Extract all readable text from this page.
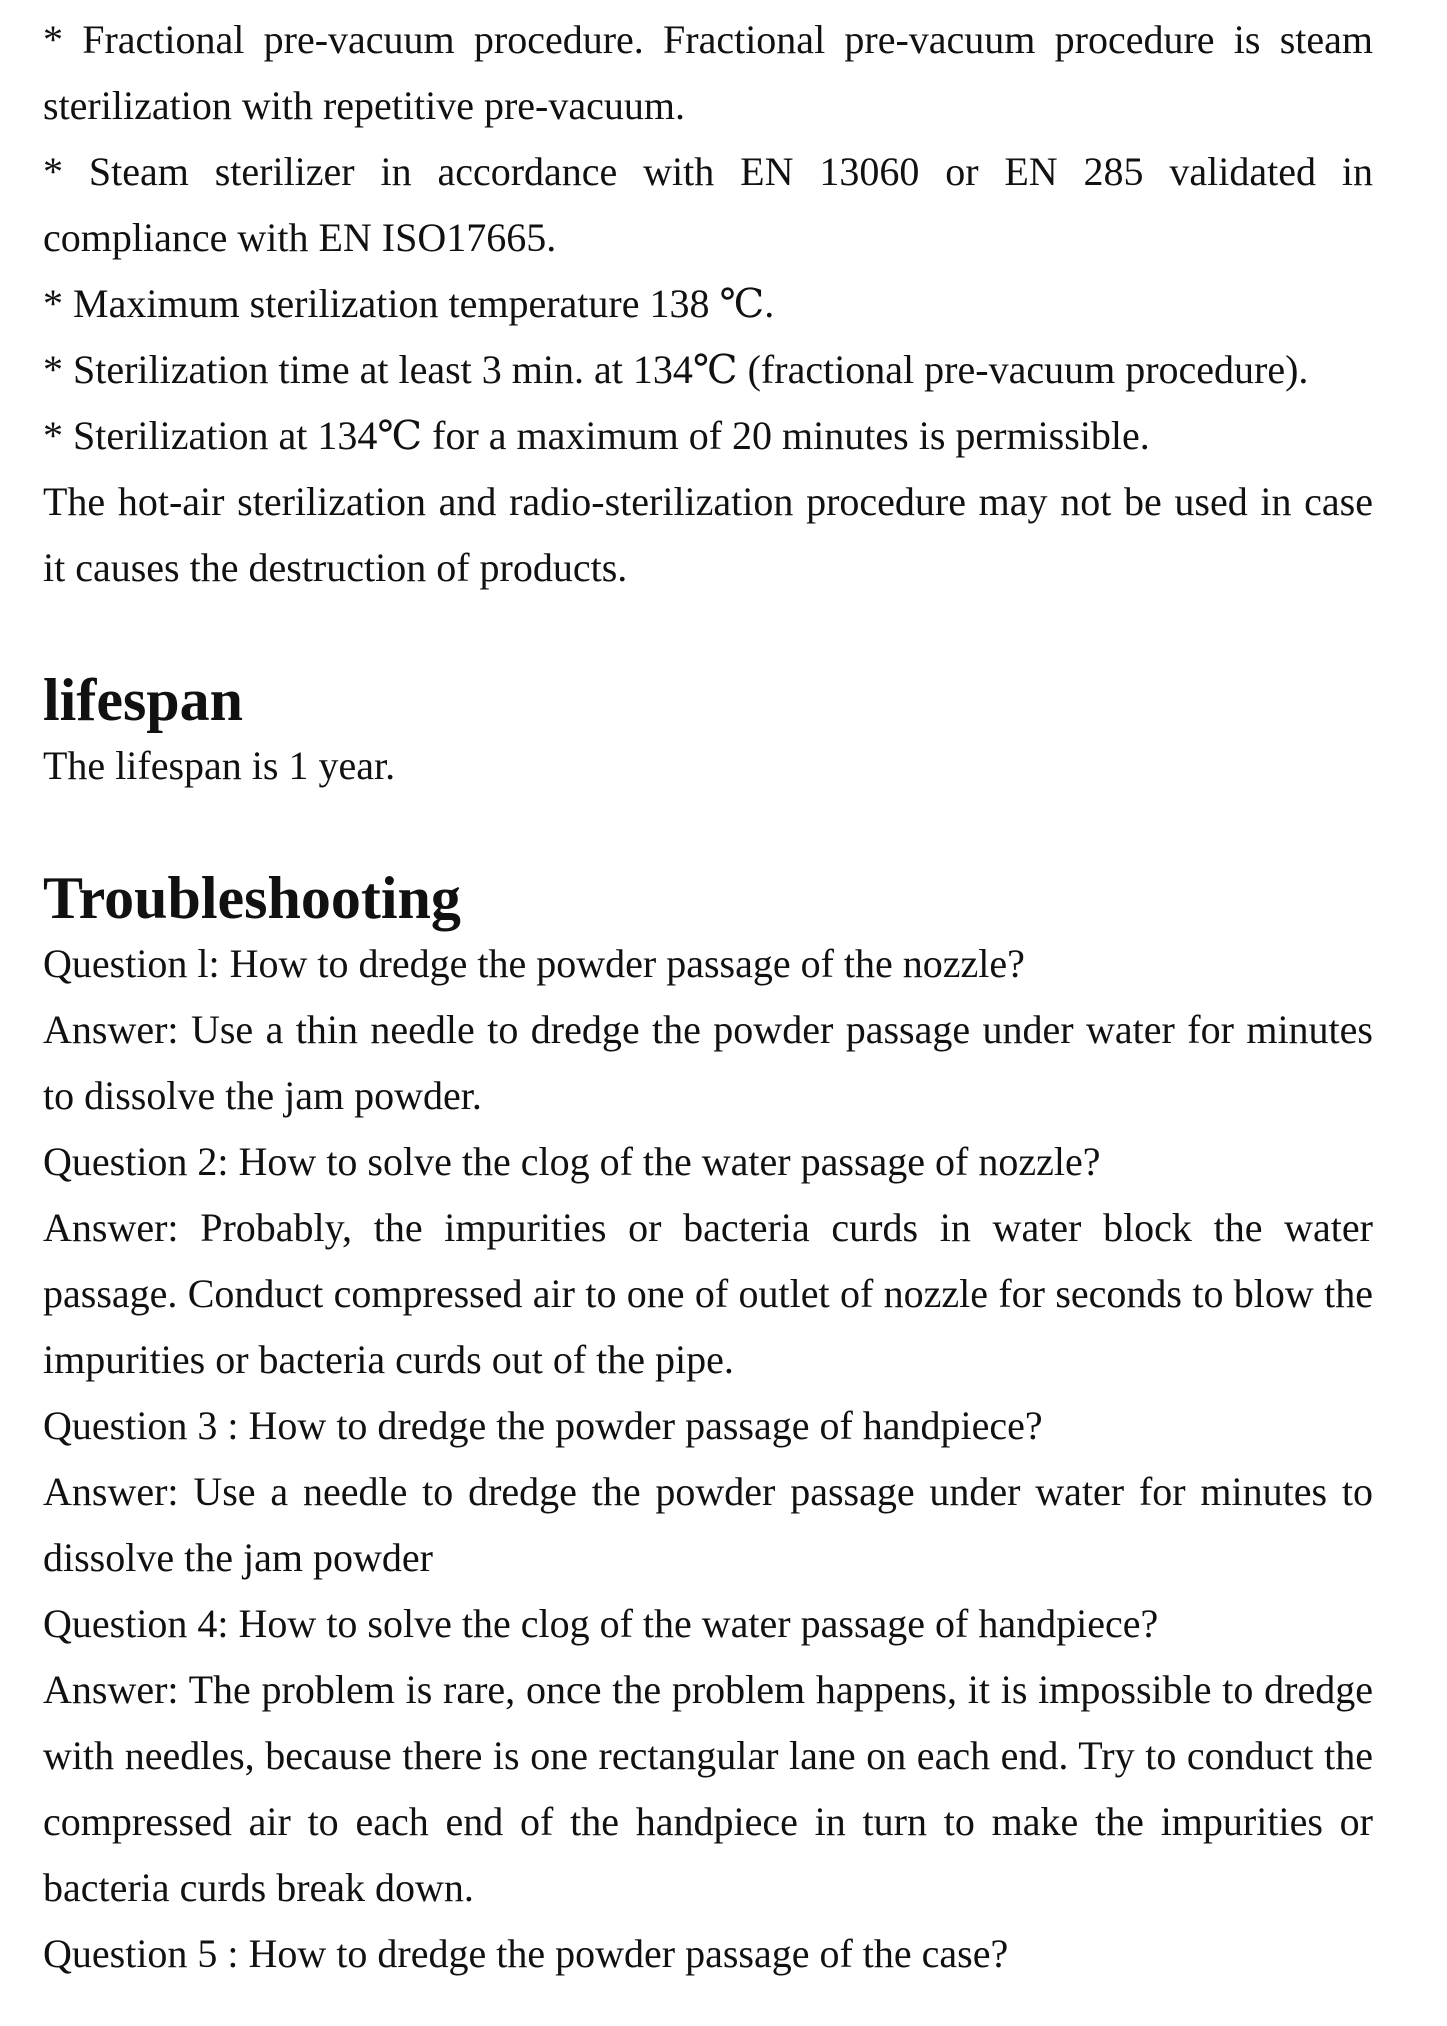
* Fractional pre-vacuum procedure. Fractional pre-vacuum procedure is steam sterilization with repetitive pre-vacuum.

* Steam sterilizer in accordance with EN 13060 or EN 285 validated in compliance with EN ISO17665.

* Maximum sterilization temperature 138 ℃.

* Sterilization time at least 3 min. at 134℃ (fractional pre-vacuum procedure).

* Sterilization at 134℃ for a maximum of 20 minutes is permissible.

The hot-air sterilization and radio-sterilization procedure may not be used in case it causes the destruction of products.

lifespan

The lifespan is 1 year.

Troubleshooting

Question l: How to dredge the powder passage of the nozzle?

Answer: Use a thin needle to dredge the powder passage under water for minutes to dissolve the jam powder.

Question 2: How to solve the clog of the water passage of nozzle?

Answer: Probably, the impurities or bacteria curds in water block the water passage. Conduct compressed air to one of outlet of nozzle for seconds to blow the impurities or bacteria curds out of the pipe.

Question 3 : How to dredge the powder passage of handpiece?

Answer: Use a needle to dredge the powder passage under water for minutes to dissolve the jam powder

Question 4: How to solve the clog of the water passage of handpiece?

Answer: The problem is rare, once the problem happens, it is impossible to dredge with needles, because there is one rectangular lane on each end. Try to conduct the compressed air to each end of the handpiece in turn to make the impurities or bacteria curds break down.

Question 5 : How to dredge the powder passage of the case?
